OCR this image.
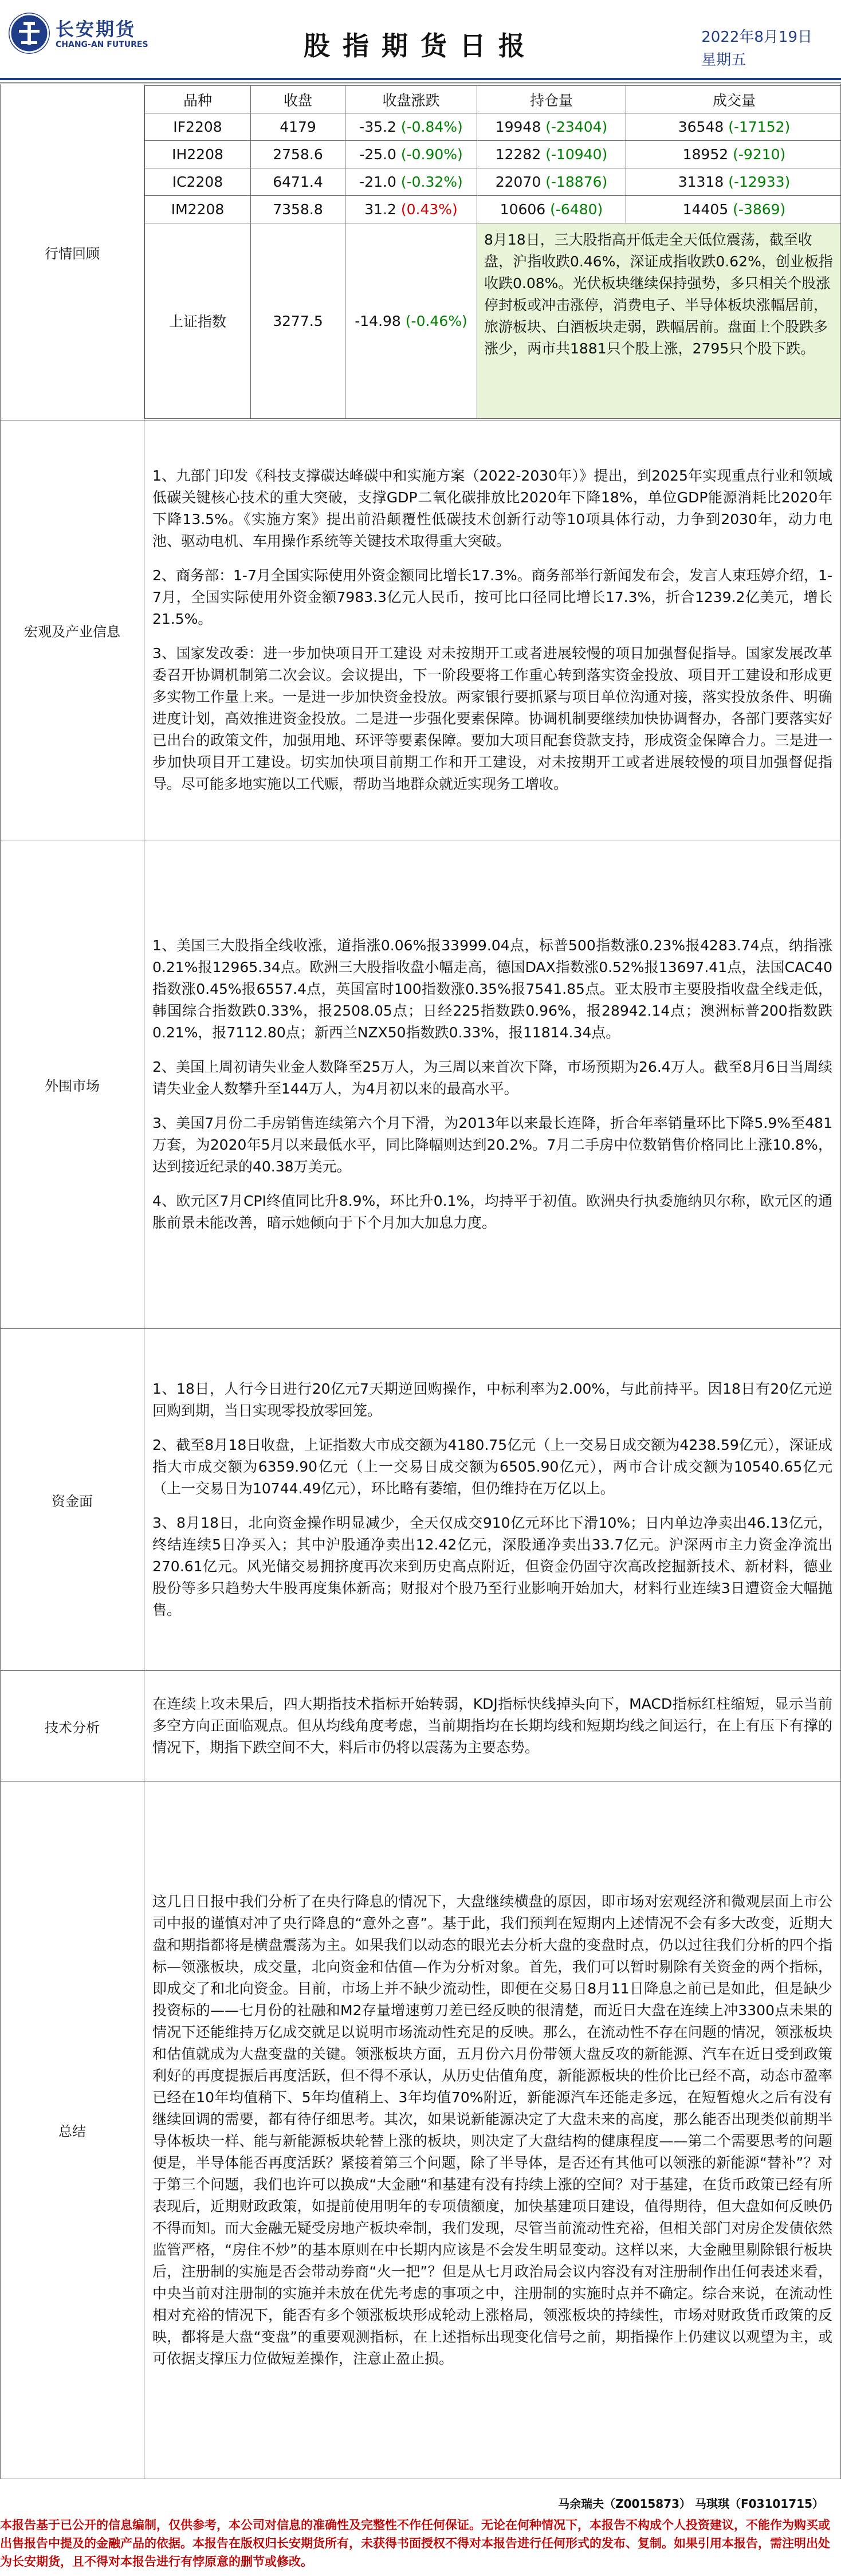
长安期货
CHANG-AN FUTURES	股指期货日报	2022年8月19日
星期五
行情回顾	
品种	收盘	收盘涨跌	持仓量	成交量
IF2208	4179	-35.2 (-0.84%)	19948 (-23404)	36548 (-17152)
IH2208	2758.6	-25.0 (-0.90%)	12282 (-10940)	18952 (-9210)
IC2208	6471.4	-21.0 (-0.32%)	22070 (-18876)	31318 (-12933)
IM2208	7358.8	31.2 (0.43%)	10606 (-6480)	14405 (-3869)
上证指数	3277.5	-14.98 (-0.46%)	8月18日，三大股指高开低走全天低位震荡，截至收盘，沪指收跌0.46%，深证成指收跌0.62%，创业板指收跌0.08%。光伏板块继续保持强势，多只相关个股涨停封板或冲击涨停，消费电子、半导体板块涨幅居前，旅游板块、白酒板块走弱，跌幅居前。盘面上个股跌多涨少，两市共1881只个股上涨，2795只个股下跌。

宏观及产业信息	

1、九部门印发《科技支撑碳达峰碳中和实施方案（2022-2030年）》提出，到2025年实现重点行业和领域低碳关键核心技术的重大突破，支撑GDP二氧化碳排放比2020年下降18%，单位GDP能源消耗比2020年下降13.5%。《实施方案》提出前沿颠覆性低碳技术创新行动等10项具体行动，力争到2030年，动力电池、驱动电机、车用操作系统等关键技术取得重大突破。

2、商务部：1-7月全国实际使用外资金额同比增长17.3%。商务部举行新闻发布会，发言人束珏婷介绍，1-7月，全国实际使用外资金额7983.3亿元人民币，按可比口径同比增长17.3%，折合1239.2亿美元，增长21.5%。

3、国家发改委：进一步加快项目开工建设 对未按期开工或者进展较慢的项目加强督促指导。国家发展改革委召开协调机制第二次会议。会议提出，下一阶段要将工作重心转到落实资金投放、项目开工建设和形成更多实物工作量上来。一是进一步加快资金投放。两家银行要抓紧与项目单位沟通对接，落实投放条件、明确进度计划，高效推进资金投放。二是进一步强化要素保障。协调机制要继续加快协调督办，各部门要落实好已出台的政策文件，加强用地、环评等要素保障。要加大项目配套贷款支持，形成资金保障合力。三是进一步加快项目开工建设。切实加快项目前期工作和开工建设，对未按期开工或者进展较慢的项目加强督促指导。尽可能多地实施以工代赈，帮助当地群众就近实现务工增收。

外围市场	

1、美国三大股指全线收涨，道指涨0.06%报33999.04点，标普500指数涨0.23%报4283.74点，纳指涨0.21%报12965.34点。欧洲三大股指收盘小幅走高，德国DAX指数涨0.52%报13697.41点，法国CAC40指数涨0.45%报6557.4点，英国富时100指数涨0.35%报7541.85点。亚太股市主要股指收盘全线走低，韩国综合指数跌0.33%，报2508.05点；日经225指数跌0.96%，报28942.14点；澳洲标普200指数跌0.21%，报7112.80点；新西兰NZX50指数跌0.33%，报11814.34点。

2、美国上周初请失业金人数降至25万人，为三周以来首次下降，市场预期为26.4万人。截至8月6日当周续请失业金人数攀升至144万人，为4月初以来的最高水平。

3、美国7月份二手房销售连续第六个月下滑，为2013年以来最长连降，折合年率销量环比下降5.9%至481万套，为2020年5月以来最低水平，同比降幅则达到20.2%。7月二手房中位数销售价格同比上涨10.8%，达到接近纪录的40.38万美元。

4、欧元区7月CPI终值同比升8.9%，环比升0.1%，均持平于初值。欧洲央行执委施纳贝尔称，欧元区的通胀前景未能改善，暗示她倾向于下个月加大加息力度。

资金面	

1、18日，人行今日进行20亿元7天期逆回购操作，中标利率为2.00%，与此前持平。因18日有20亿元逆回购到期，当日实现零投放零回笼。

2、截至8月18日收盘，上证指数大市成交额为4180.75亿元（上一交易日成交额为4238.59亿元），深证成指大市成交额为6359.90亿元（上一交易日成交额为6505.90亿元），两市合计成交额为10540.65亿元（上一交易日为10744.49亿元），环比略有萎缩，但仍维持在万亿以上。

3、8月18日，北向资金操作明显减少，全天仅成交910亿元环比下滑10%；日内单边净卖出46.13亿元，终结连续5日净买入；其中沪股通净卖出12.42亿元，深股通净卖出33.7亿元。沪深两市主力资金净流出270.61亿元。风光储交易拥挤度再次来到历史高点附近，但资金仍固守次高改挖掘新技术、新材料，德业股份等多只趋势大牛股再度集体新高；财报对个股乃至行业影响开始加大，材料行业连续3日遭资金大幅抛售。

技术分析	在连续上攻未果后，四大期指技术指标开始转弱，KDJ指标快线掉头向下，MACD指标红柱缩短，显示当前多空方向正面临观点。但从均线角度考虑，当前期指均在长期均线和短期均线之间运行，在上有压下有撑的情况下，期指下跌空间不大，料后市仍将以震荡为主要态势。
总结	这几日日报中我们分析了在央行降息的情况下，大盘继续横盘的原因，即市场对宏观经济和微观层面上市公司中报的谨慎对冲了央行降息的“意外之喜”。基于此，我们预判在短期内上述情况不会有多大改变，近期大盘和期指都将是横盘震荡为主。如果我们以动态的眼光去分析大盘的变盘时点，仍以过往我们分析的四个指标—领涨板块，成交量，北向资金和估值—作为分析对象。首先，我们可以暂时剔除有关资金的两个指标，即成交了和北向资金。目前，市场上并不缺少流动性，即便在交易日8月11日降息之前已是如此，但是缺少投资标的——七月份的社融和M2存量增速剪刀差已经反映的很清楚，而近日大盘在连续上冲3300点未果的情况下还能维持万亿成交就足以说明市场流动性充足的反映。那么，在流动性不存在问题的情况，领涨板块和估值就成为大盘变盘的关键。领涨板块方面，五月份六月份带领大盘反攻的新能源、汽车在近日受到政策利好的再度提振后再度活跃，但不得不承认，从历史估值角度，新能源板块的性价比已经不高，动态市盈率已经在10年均值稍下、5年均值稍上、3年均值70%附近，新能源汽车还能走多远，在短暂熄火之后有没有继续回调的需要，都有待仔细思考。其次，如果说新能源决定了大盘未来的高度，那么能否出现类似前期半导体板块一样、能与新能源板块轮替上涨的板块，则决定了大盘结构的健康程度——第二个需要思考的问题便是，半导体能否再度活跃？紧接着第三个问题，除了半导体，是否还有其他可以领涨的新能源“替补”？对于第三个问题，我们也许可以换成“大金融“和基建有没有持续上涨的空间？对于基建，在货币政策已经有所表现后，近期财政政策，如提前使用明年的专项债额度，加快基建项目建设，值得期待，但大盘如何反映仍不得而知。而大金融无疑受房地产板块牵制，我们发现，尽管当前流动性充裕，但相关部门对房企发债依然监管严格，“房住不炒”的基本原则在中长期内应该是不会发生明显变动。这样以来，大金融里剔除银行板块后，注册制的实施是否会带动券商“火一把”？但是从七月政治局会议内容没有对注册制作出任何表述来看，中央当前对注册制的实施并未放在优先考虑的事项之中，注册制的实施时点并不确定。综合来说，在流动性相对充裕的情况下，能否有多个领涨板块形成轮动上涨格局，领涨板块的持续性，市场对财政货币政策的反映，都将是大盘“变盘”的重要观测指标，在上述指标出现变化信号之前，期指操作上仍建议以观望为主，或可依据支撑压力位做短差操作，注意止盈止损。
马余瑞夫（Z0015873） 马琪琪（F03101715）
本报告基于已公开的信息编制，仅供参考，本公司对信息的准确性及完整性不作任何保证。无论在何种情况下，本报告不构成个人投资建议，不能作为购买或出售报告中提及的金融产品的依据。本报告在版权归长安期货所有，未获得书面授权不得对本报告进行任何形式的发布、复制。如果引用本报告，需注明出处为长安期货，且不得对本报告进行有悖原意的删节或修改。
